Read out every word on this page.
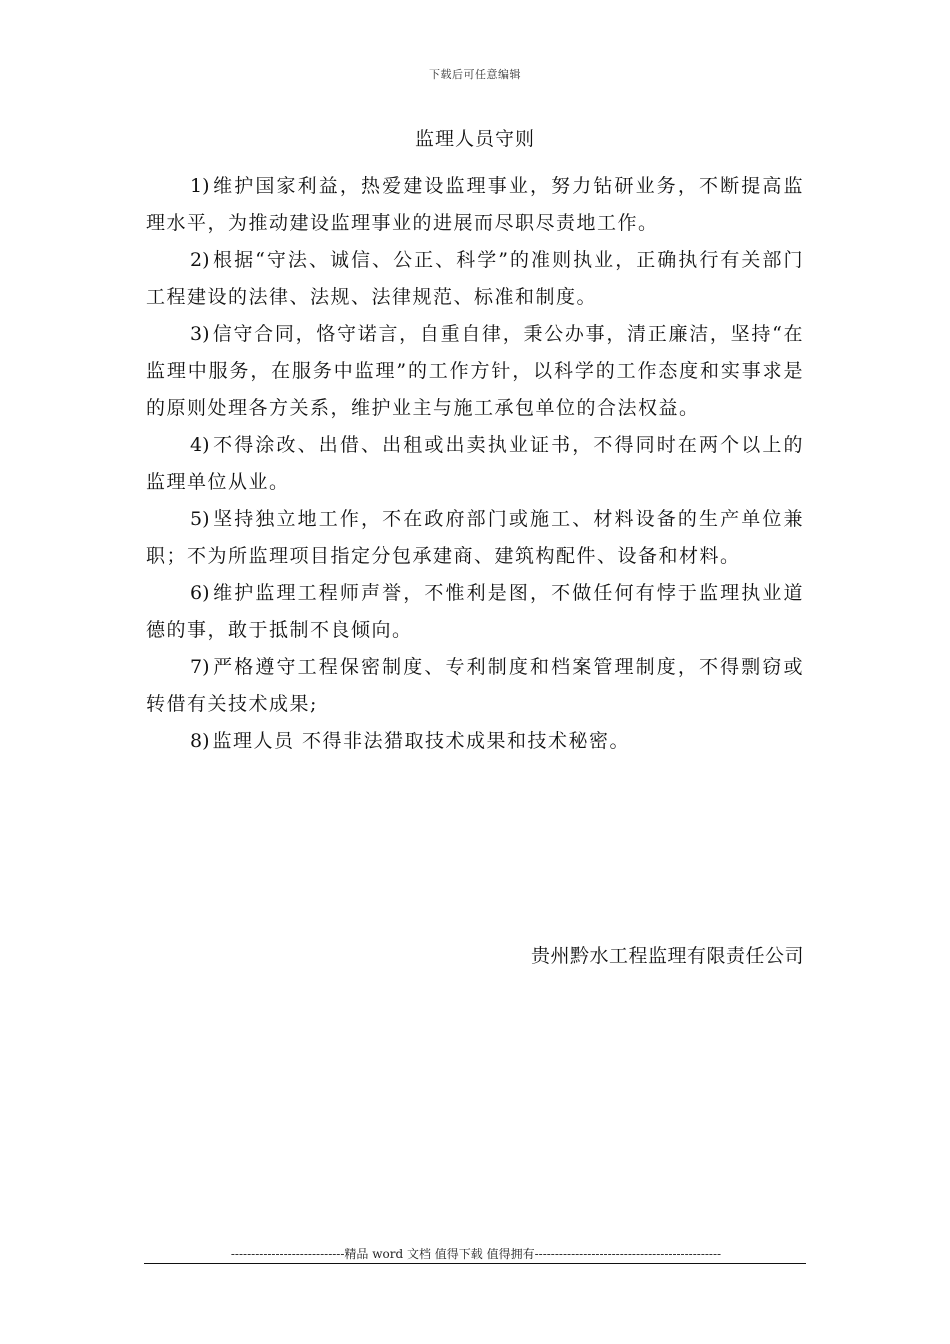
下载后可任意编辑
监理人员守则

1) 维护国家利益，热爱建设监理事业，努力钻研业务，不断提高监理水平，为推动建设监理事业的进展而尽职尽责地工作。

2) 根据“守法、诚信、公正、科学”的准则执业，正确执行有关部门工程建设的法律、法规、法律规范、标准和制度。

3) 信守合同，恪守诺言，自重自律，秉公办事，清正廉洁，坚持“在监理中服务，在服务中监理”的工作方针，以科学的工作态度和实事求是的原则处理各方关系，维护业主与施工承包单位的合法权益。

4) 不得涂改、出借、出租或出卖执业证书，不得同时在两个以上的监理单位从业。

5) 坚持独立地工作，不在政府部门或施工、材料设备的生产单位兼职；不为所监理项目指定分包承建商、建筑构配件、设备和材料。

6) 维护监理工程师声誉，不惟利是图，不做任何有悖于监理执业道德的事，敢于抵制不良倾向。

7) 严格遵守工程保密制度、专利制度和档案管理制度，不得剽窃或转借有关技术成果;

8) 监理人员 不得非法猎取技术成果和技术秘密。

贵州黔水工程监理有限责任公司
----------------------------精品 word 文档 值得下载 值得拥有----------------------------------------------
